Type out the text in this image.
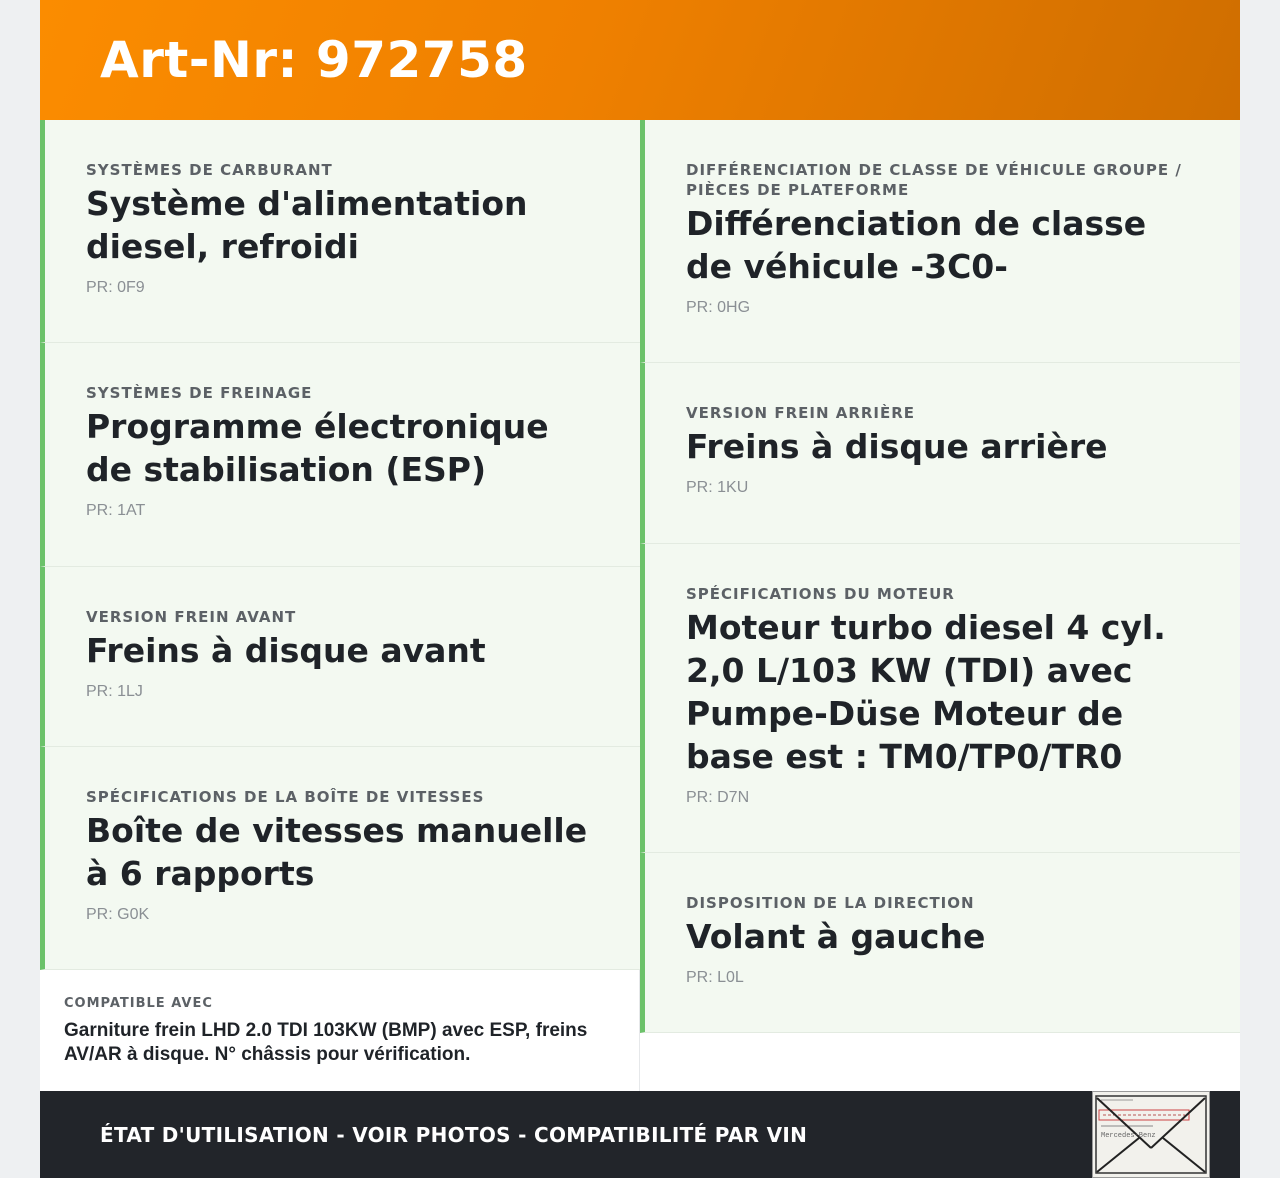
Art-Nr: 972758
SYSTÈMES DE CARBURANT
Système d'alimentation diesel, refroidi
PR: 0F9
SYSTÈMES DE FREINAGE
Programme électronique de stabilisation (ESP)
PR: 1AT
VERSION FREIN AVANT
Freins à disque avant
PR: 1LJ
SPÉCIFICATIONS DE LA BOÎTE DE VITESSES
Boîte de vitesses manuelle à 6 rapports
PR: G0K
DIFFÉRENCIATION DE CLASSE DE VÉHICULE GROUPE / PIÈCES DE PLATEFORME
Différenciation de classe de véhicule -3C0-
PR: 0HG
VERSION FREIN ARRIÈRE
Freins à disque arrière
PR: 1KU
SPÉCIFICATIONS DU MOTEUR
Moteur turbo diesel 4 cyl. 2,0 L/103 KW (TDI) avec Pumpe-Düse Moteur de base est : TM0/TP0/TR0
PR: D7N
DISPOSITION DE LA DIRECTION
Volant à gauche
PR: L0L
COMPATIBLE AVEC
Garniture frein LHD 2.0 TDI 103KW (BMP) avec ESP, freins AV/AR à disque. N° châssis pour vérification.
ÉTAT D'UTILISATION - VOIR PHOTOS - COMPATIBILITÉ PAR VIN	Mercedes-Benz
